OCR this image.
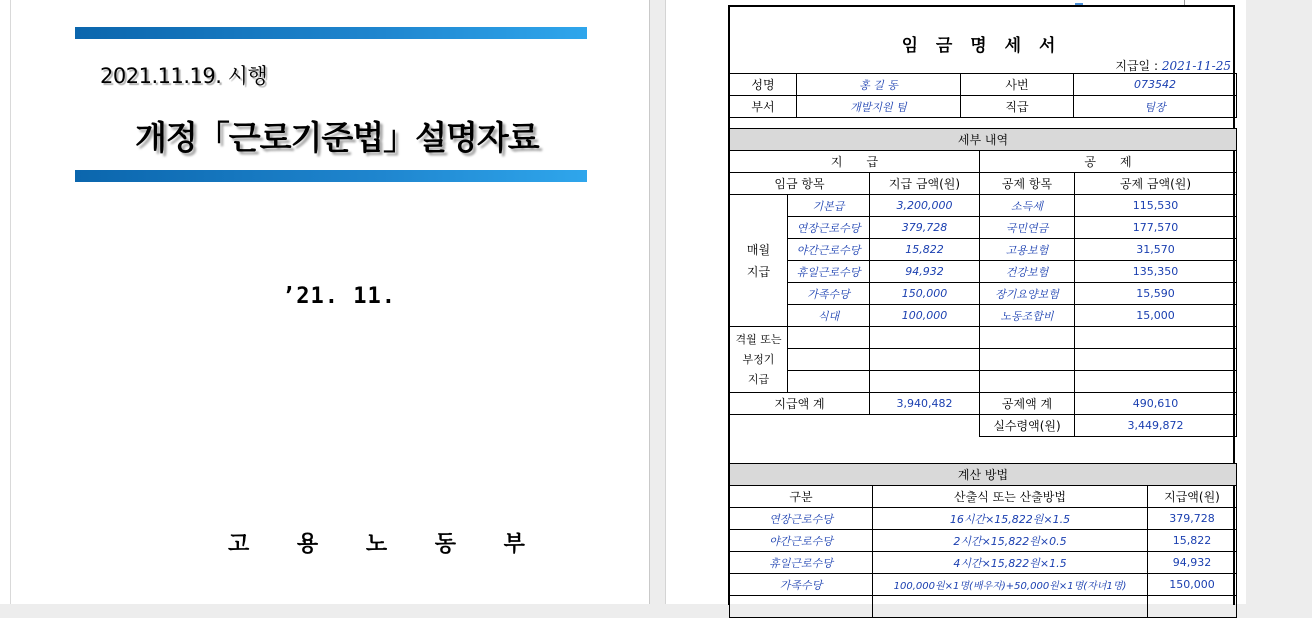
2021.11.19. 시행
개정「근로기준법」설명자료
’21. 11.
고 용 노 동 부
임 금 명 세 서
지급일 : 2021-11-25
성명	홍 길 동	사번	073542
부서	개발지원 팀	직급	팀장
세부 내역				
지　　급			공　　제	
임금 항목		지급 금액(원)	공제 항목	공제 금액(원)
매월
지급	기본급	3,200,000	소득세	115,530
	연장근로수당	379,728	국민연금	177,570
	야간근로수당	15,822	고용보험	31,570
	휴일근로수당	94,932	건강보험	135,350
	가족수당	150,000	장기요양보험	15,590
	식대	100,000	노동조합비	15,000
격월 또는
부정기
지급				

지급액 계		3,940,482	공제액 계	490,610
			실수령액(원)	3,449,872
계산 방법		
구분	산출식 또는 산출방법	지급액(원)
연장근로수당	16시간×15,822원×1.5	379,728
야간근로수당	2시간×15,822원×0.5	15,822
휴일근로수당	4시간×15,822원×1.5	94,932
가족수당	100,000원×1명(배우자)+50,000원×1명(자녀1명)	150,000
